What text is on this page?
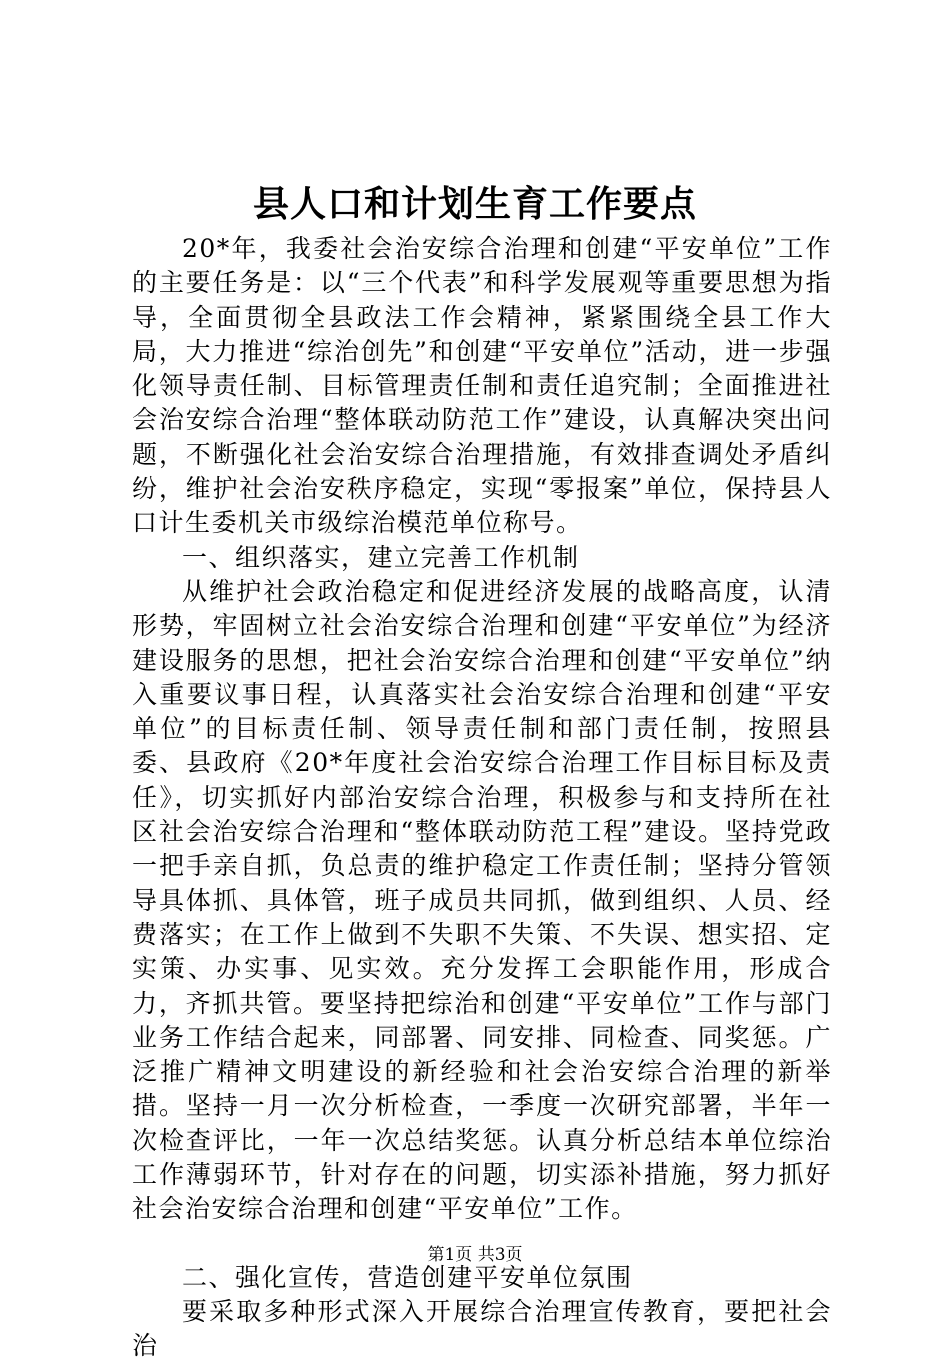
县人口和计划生育工作要点

20*年，我委社会治安综合治理和创建“平安单位”工作的主要任务是：以“三个代表”和科学发展观等重要思想为指导，全面贯彻全县政法工作会精神，紧紧围绕全县工作大局，大力推进“综治创先”和创建“平安单位”活动，进一步强化领导责任制、目标管理责任制和责任追究制；全面推进社会治安综合治理“整体联动防范工作”建设，认真解决突出问题，不断强化社会治安综合治理措施，有效排查调处矛盾纠纷，维护社会治安秩序稳定，实现“零报案”单位，保持县人口计生委机关市级综治模范单位称号。

一、组织落实，建立完善工作机制

从维护社会政治稳定和促进经济发展的战略高度，认清形势，牢固树立社会治安综合治理和创建“平安单位”为经济建设服务的思想，把社会治安综合治理和创建“平安单位”纳入重要议事日程，认真落实社会治安综合治理和创建“平安单位”的目标责任制、领导责任制和部门责任制，按照县委、县政府《20*年度社会治安综合治理工作目标目标及责任》，切实抓好内部治安综合治理，积极参与和支持所在社区社会治安综合治理和“整体联动防范工程”建设。坚持党政一把手亲自抓，负总责的维护稳定工作责任制；坚持分管领导具体抓、具体管，班子成员共同抓，做到组织、人员、经费落实；在工作上做到不失职不失策、不失误、想实招、定实策、办实事、见实效。充分发挥工会职能作用，形成合力，齐抓共管。要坚持把综治和创建“平安单位”工作与部门业务工作结合起来，同部署、同安排、同检查、同奖惩。广泛推广精神文明建设的新经验和社会治安综合治理的新举措。坚持一月一次分析检查，一季度一次研究部署，半年一次检查评比，一年一次总结奖惩。认真分析总结本单位综治工作薄弱环节，针对存在的问题，切实添补措施，努力抓好社会治安综合治理和创建“平安单位”工作。

二、强化宣传，营造创建平安单位氛围

要采取多种形式深入开展综合治理宣传教育，要把社会治

第1页 共3页
